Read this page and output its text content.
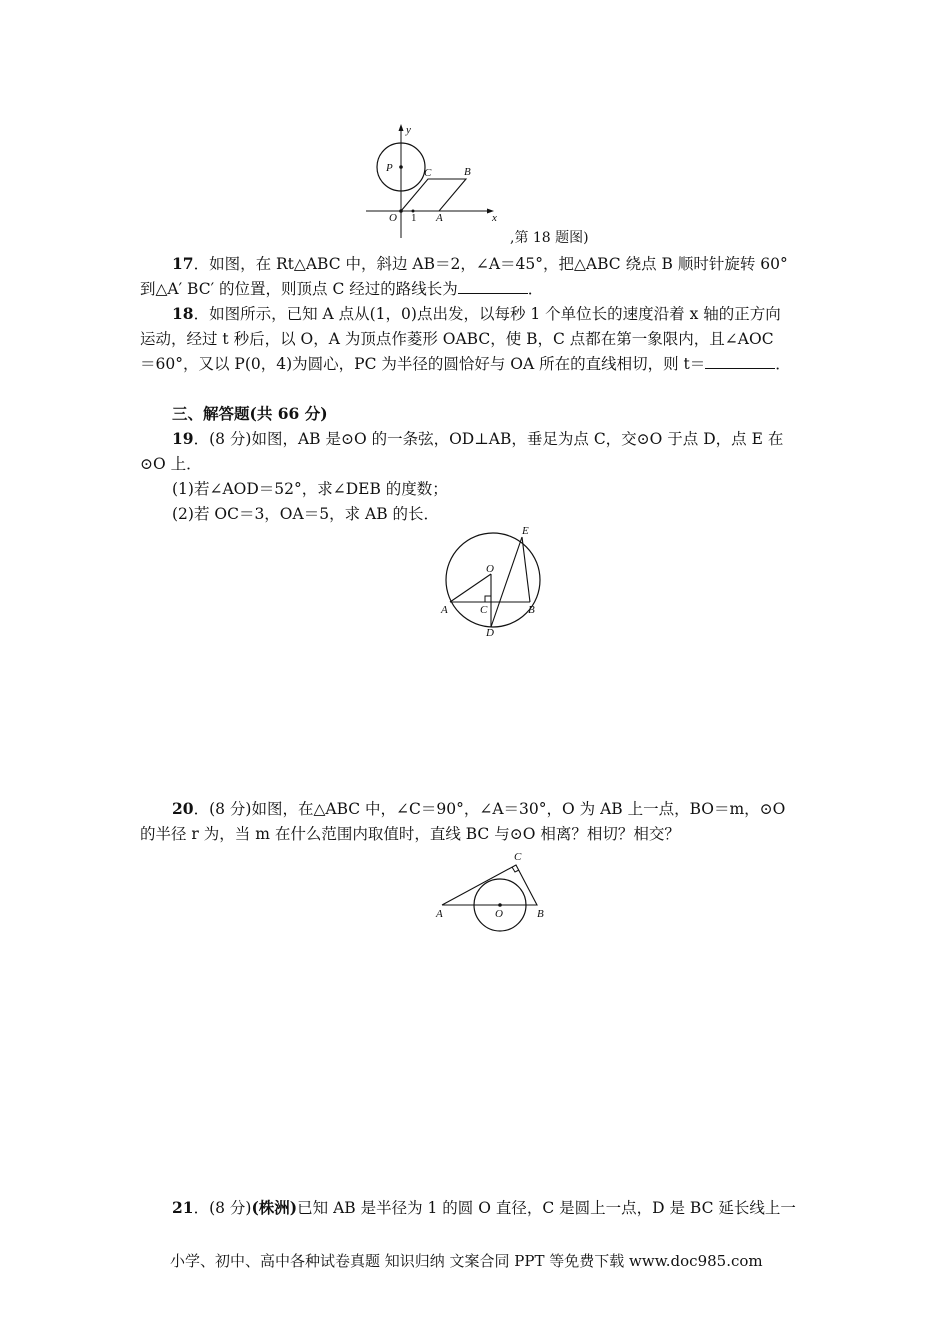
y
x
P	C	B
O 1 A
,第 18 题图)
17．如图，在 Rt△ABC 中，斜边 AB＝2，∠A＝45°，把△ABC 绕点 B 顺时针旋转 60°
到△A′ BC′ 的位置，则顶点 C 经过的路线长为	．
18．如图所示，已知 A 点从(1，0)点出发，以每秒 1 个单位长的速度沿着 x 轴的正方向
运动，经过 t 秒后，以 O，A 为顶点作菱形 OABC，使 B，C 点都在第一象限内，且∠AOC
＝60°，又以 P(0，4)为圆心，PC 为半径的圆恰好与 OA 所在的直线相切，则 t＝	．
三、解答题(共 66 分)
19．(8 分)如图，AB 是⊙O 的一条弦，OD⊥AB，垂足为点 C，交⊙O 于点 D，点 E 在
⊙O 上．
(1)若∠AOD＝52°，求∠DEB 的度数；
(2)若 OC＝3，OA＝5，求 AB 的长．
E
O
A	C	B
D
20．(8 分)如图，在△ABC 中，∠C＝90°，∠A＝30°，O 为 AB 上一点，BO＝m，⊙O
的半径 r 为，当 m 在什么范围内取值时，直线 BC 与⊙O 相离？相切？相交？
C
A	O	B
21．(8 分)(株洲)已知 AB 是半径为 1 的圆 O 直径，C 是圆上一点，D 是 BC 延长线上一
小学、初中、高中各种试卷真题 知识归纳 文案合同 PPT 等免费下载 www.doc985.com
